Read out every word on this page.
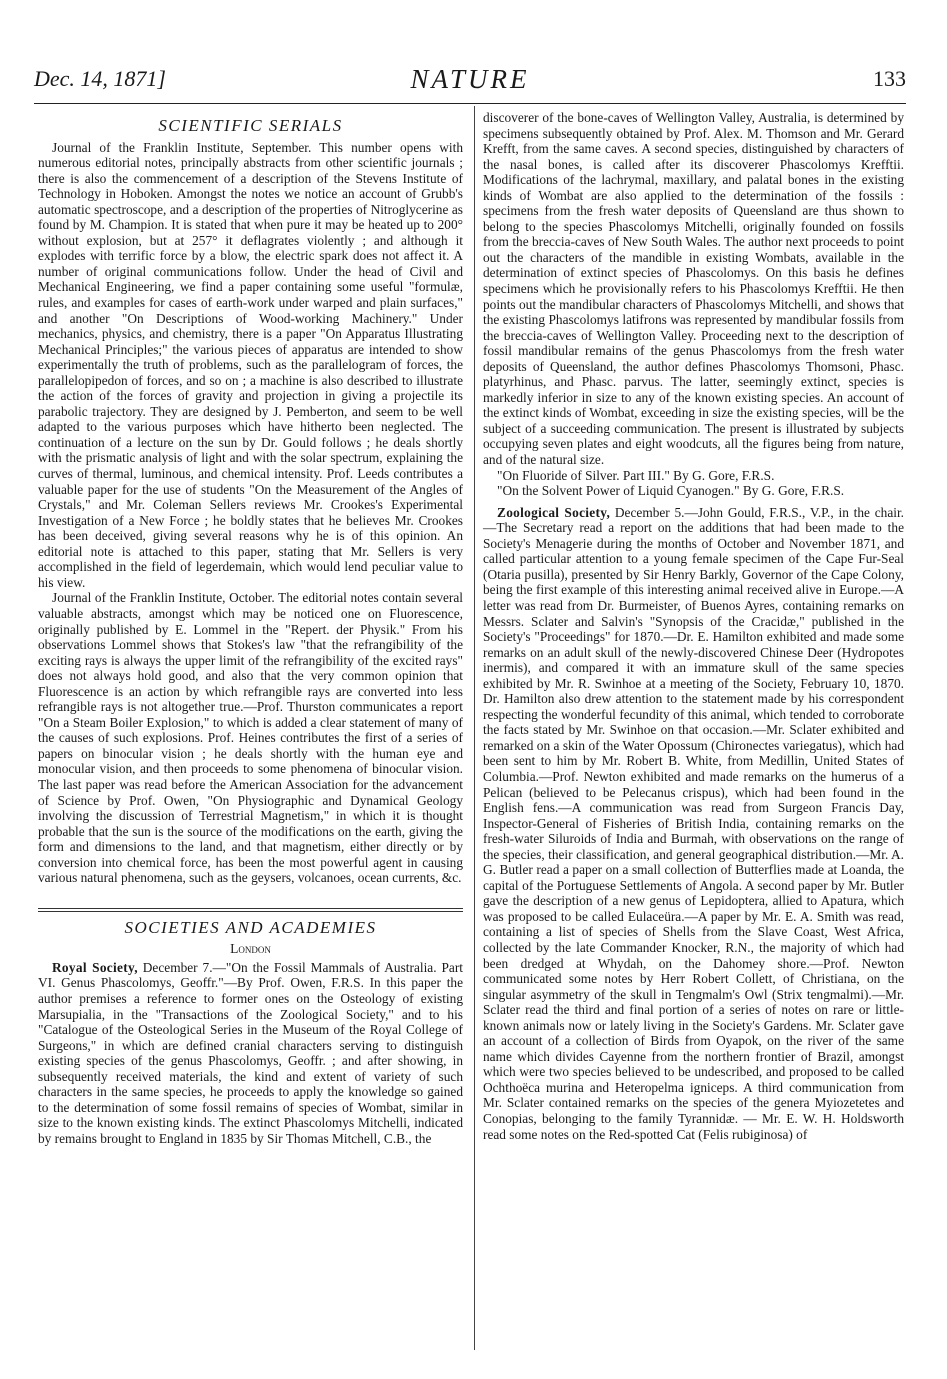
Dec. 14, 1871]	NATURE	133
SCIENTIFIC SERIALS

Journal of the Franklin Institute, September. This number opens with numerous editorial notes, principally abstracts from other scientific journals ; there is also the commencement of a description of the Stevens Institute of Technology in Hoboken. Amongst the notes we notice an account of Grubb's automatic spectroscope, and a description of the properties of Nitroglycerine as found by M. Champion. It is stated that when pure it may be heated up to 200° without explosion, but at 257° it deflagrates violently ; and although it explodes with terrific force by a blow, the electric spark does not affect it. A number of original communications follow. Under the head of Civil and Mechanical Engineering, we find a paper containing some useful "formulæ, rules, and examples for cases of earth-work under warped and plain surfaces," and another "On Descriptions of Wood-working Machinery." Under mechanics, physics, and chemistry, there is a paper "On Apparatus Illustrating Mechanical Principles;" the various pieces of apparatus are intended to show experimentally the truth of problems, such as the parallelogram of forces, the parallelopipedon of forces, and so on ; a machine is also described to illustrate the action of the forces of gravity and projection in giving a projectile its parabolic trajectory. They are designed by J. Pemberton, and seem to be well adapted to the various purposes which have hitherto been neglected. The continuation of a lecture on the sun by Dr. Gould follows ; he deals shortly with the prismatic analysis of light and with the solar spectrum, explaining the curves of thermal, luminous, and chemical intensity. Prof. Leeds contributes a valuable paper for the use of students "On the Measurement of the Angles of Crystals," and Mr. Coleman Sellers reviews Mr. Crookes's Experimental Investigation of a New Force ; he boldly states that he believes Mr. Crookes has been deceived, giving several reasons why he is of this opinion. An editorial note is attached to this paper, stating that Mr. Sellers is very accomplished in the field of legerdemain, which would lend peculiar value to his view.

Journal of the Franklin Institute, October. The editorial notes contain several valuable abstracts, amongst which may be noticed one on Fluorescence, originally published by E. Lommel in the "Repert. der Physik." From his observations Lommel shows that Stokes's law "that the refrangibility of the exciting rays is always the upper limit of the refrangibility of the excited rays" does not always hold good, and also that the very common opinion that Fluorescence is an action by which refrangible rays are converted into less refrangible rays is not altogether true.—Prof. Thurston communicates a report "On a Steam Boiler Explosion," to which is added a clear statement of many of the causes of such explosions. Prof. Heines contributes the first of a series of papers on binocular vision ; he deals shortly with the human eye and monocular vision, and then proceeds to some phenomena of binocular vision. The last paper was read before the American Association for the advancement of Science by Prof. Owen, "On Physiographic and Dynamical Geology involving the discussion of Terrestrial Magnetism," in which it is thought probable that the sun is the source of the modifications on the earth, giving the form and dimensions to the land, and that magnetism, either directly or by conversion into chemical force, has been the most powerful agent in causing various natural phenomena, such as the geysers, volcanoes, ocean currents, &c.

SOCIETIES AND ACADEMIES
London

Royal Society, December 7.—"On the Fossil Mammals of Australia. Part VI. Genus Phascolomys, Geoffr."—By Prof. Owen, F.R.S. In this paper the author premises a reference to former ones on the Osteology of existing Marsupialia, in the "Transactions of the Zoological Society," and to his "Catalogue of the Osteological Series in the Museum of the Royal College of Surgeons," in which are defined cranial characters serving to distinguish existing species of the genus Phascolomys, Geoffr. ; and after showing, in subsequently received materials, the kind and extent of variety of such characters in the same species, he proceeds to apply the knowledge so gained to the determination of some fossil remains of species of Wombat, similar in size to the known existing kinds. The extinct Phascolomys Mitchelli, indicated by remains brought to England in 1835 by Sir Thomas Mitchell, C.B., the

discoverer of the bone-caves of Wellington Valley, Australia, is determined by specimens subsequently obtained by Prof. Alex. M. Thomson and Mr. Gerard Krefft, from the same caves. A second species, distinguished by characters of the nasal bones, is called after its discoverer Phascolomys Krefftii. Modifications of the lachrymal, maxillary, and palatal bones in the existing kinds of Wombat are also applied to the determination of the fossils : specimens from the fresh water deposits of Queensland are thus shown to belong to the species Phascolomys Mitchelli, originally founded on fossils from the breccia-caves of New South Wales. The author next proceeds to point out the characters of the mandible in existing Wombats, available in the determination of extinct species of Phascolomys. On this basis he defines specimens which he provisionally refers to his Phascolomys Krefftii. He then points out the mandibular characters of Phascolomys Mitchelli, and shows that the existing Phascolomys latifrons was represented by mandibular fossils from the breccia-caves of Wellington Valley. Proceeding next to the description of fossil mandibular remains of the genus Phascolomys from the fresh water deposits of Queensland, the author defines Phascolomys Thomsoni, Phasc. platyrhinus, and Phasc. parvus. The latter, seemingly extinct, species is markedly inferior in size to any of the known existing species. An account of the extinct kinds of Wombat, exceeding in size the existing species, will be the subject of a succeeding communication. The present is illustrated by subjects occupying seven plates and eight woodcuts, all the figures being from nature, and of the natural size.

"On Fluoride of Silver. Part III." By G. Gore, F.R.S.

"On the Solvent Power of Liquid Cyanogen." By G. Gore, F.R.S.

Zoological Society, December 5.—John Gould, F.R.S., V.P., in the chair.—The Secretary read a report on the additions that had been made to the Society's Menagerie during the months of October and November 1871, and called particular attention to a young female specimen of the Cape Fur-Seal (Otaria pusilla), presented by Sir Henry Barkly, Governor of the Cape Colony, being the first example of this interesting animal received alive in Europe.—A letter was read from Dr. Burmeister, of Buenos Ayres, containing remarks on Messrs. Sclater and Salvin's "Synopsis of the Cracidæ," published in the Society's "Proceedings" for 1870.—Dr. E. Hamilton exhibited and made some remarks on an adult skull of the newly-discovered Chinese Deer (Hydropotes inermis), and compared it with an immature skull of the same species exhibited by Mr. R. Swinhoe at a meeting of the Society, February 10, 1870. Dr. Hamilton also drew attention to the statement made by his correspondent respecting the wonderful fecundity of this animal, which tended to corroborate the facts stated by Mr. Swinhoe on that occasion.—Mr. Sclater exhibited and remarked on a skin of the Water Opossum (Chironectes variegatus), which had been sent to him by Mr. Robert B. White, from Medillin, United States of Columbia.—Prof. Newton exhibited and made remarks on the humerus of a Pelican (believed to be Pelecanus crispus), which had been found in the English fens.—A communication was read from Surgeon Francis Day, Inspector-General of Fisheries of British India, containing remarks on the fresh-water Siluroids of India and Burmah, with observations on the range of the species, their classification, and general geographical distribution.—Mr. A. G. Butler read a paper on a small collection of Butterflies made at Loanda, the capital of the Portuguese Settlements of Angola. A second paper by Mr. Butler gave the description of a new genus of Lepidoptera, allied to Apatura, which was proposed to be called Eulaceüra.—A paper by Mr. E. A. Smith was read, containing a list of species of Shells from the Slave Coast, West Africa, collected by the late Commander Knocker, R.N., the majority of which had been dredged at Whydah, on the Dahomey shore.—Prof. Newton communicated some notes by Herr Robert Collett, of Christiana, on the singular asymmetry of the skull in Tengmalm's Owl (Strix tengmalmi).—Mr. Sclater read the third and final portion of a series of notes on rare or little-known animals now or lately living in the Society's Gardens. Mr. Sclater gave an account of a collection of Birds from Oyapok, on the river of the same name which divides Cayenne from the northern frontier of Brazil, amongst which were two species believed to be undescribed, and proposed to be called Ochthoëca murina and Heteropelma igniceps. A third communication from Mr. Sclater contained remarks on the species of the genera Myiozetetes and Conopias, belonging to the family Tyrannidæ. — Mr. E. W. H. Holdsworth read some notes on the Red-spotted Cat (Felis rubiginosa) of
